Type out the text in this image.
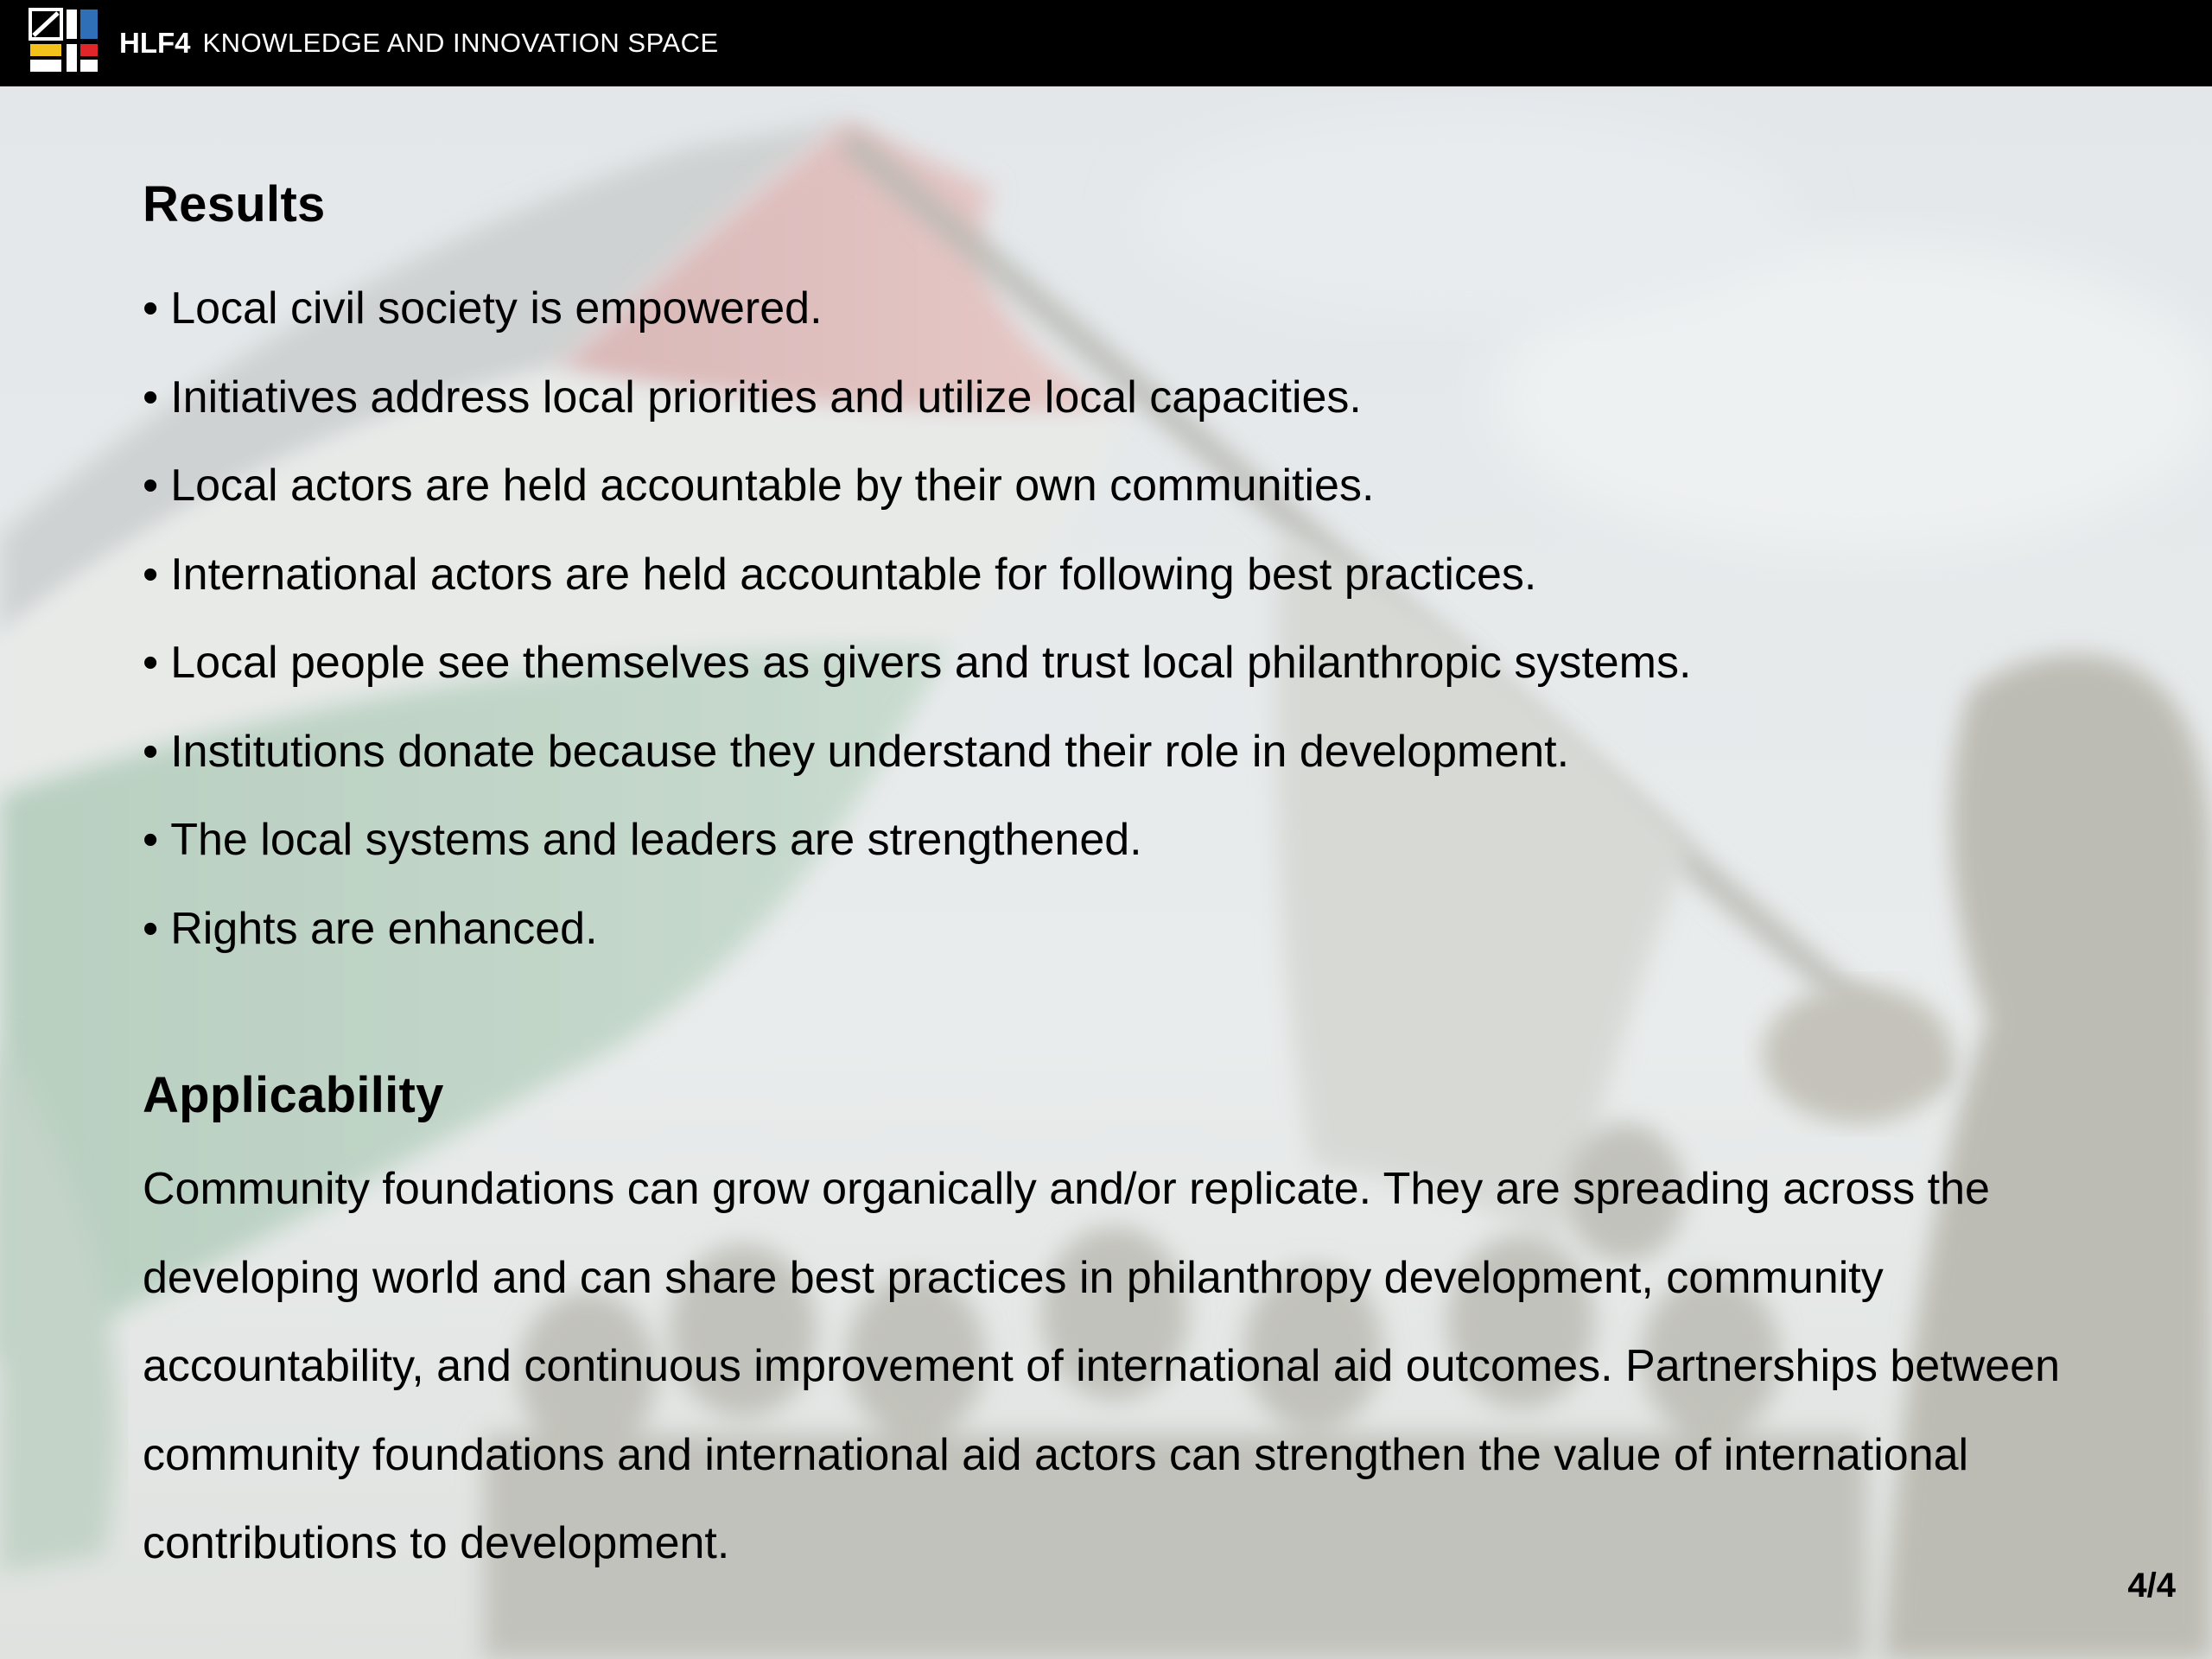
HLF4 KNOWLEDGE AND INNOVATION SPACE
Results
• Local civil society is empowered.
• Initiatives address local priorities and utilize local capacities.
• Local actors are held accountable by their own communities.
• International actors are held accountable for following best practices.
• Local people see themselves as givers and trust local philanthropic systems.
• Institutions donate because they understand their role in development.
• The local systems and leaders are strengthened.
• Rights are enhanced.
Applicability

Community foundations can grow organically and/or replicate. They are spreading across the developing world and can share best practices in philanthropy development, community accountability, and continuous improvement of international aid outcomes. Partnerships between community foundations and international aid actors can strengthen the value of international contributions to development.

4/4
